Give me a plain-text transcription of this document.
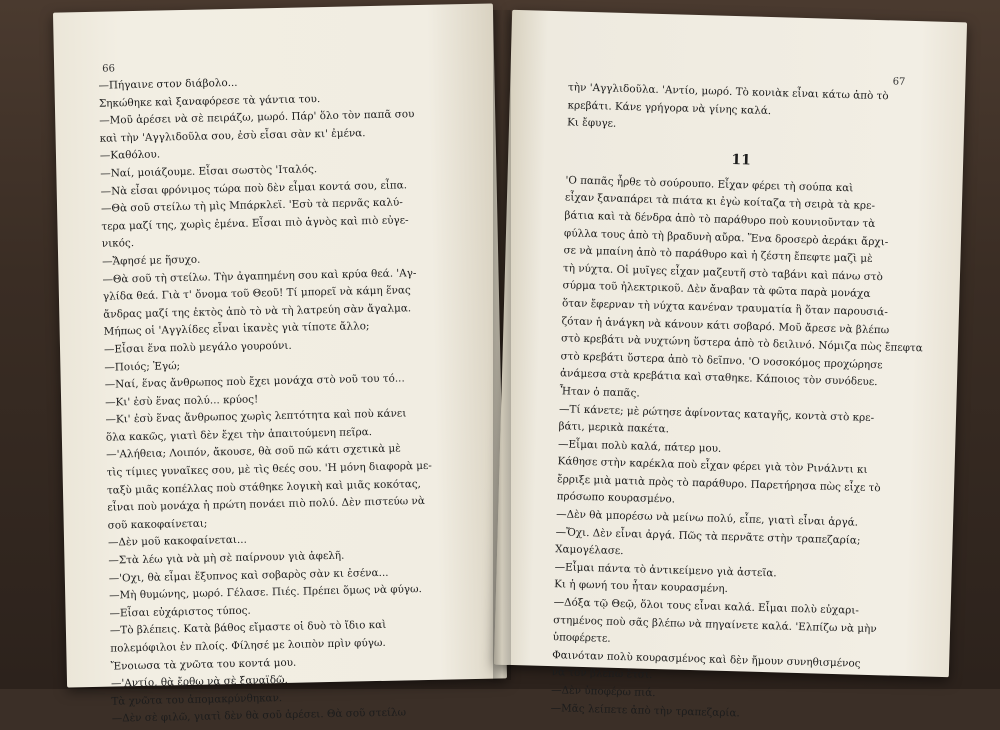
66
—Πήγαινε στον διάβολο...
Σηκώθηκε καὶ ξαναφόρεσε τὰ γάντια του.
—Μοῦ ἀρέσει νὰ σὲ πειράζω, μωρό. Πάρ' ὅλο τὸν παπᾶ σου
καὶ τὴν 'Αγγλιδοῦλα σου, ἐσὺ εἶσαι σὰν κι' ἐμένα.
—Καθόλου.
—Ναί, μοιάζουμε. Εἶσαι σωστὸς 'Ιταλός.
—Νὰ εἶσαι φρόνιμος τώρα ποὺ δὲν εἶμαι κοντά σου, εἶπα.
—Θὰ σοῦ στείλω τὴ μὶς Μπάρκλεϊ. 'Εσὺ τὰ περνᾶς καλύ-
τερα μαζί της, χωρὶς ἐμένα. Εἶσαι πιὸ ἁγνὸς καὶ πιὸ εὐγε-
νικός.
—Ἄφησέ με ἥσυχο.
—Θὰ σοῦ τὴ στείλω. Τὴν ἀγαπημένη σου καὶ κρύα θεά. 'Αγ-
γλίδα θεά. Γιὰ τ' ὄνομα τοῦ Θεοῦ! Τί μπορεῖ νὰ κάμη ἕνας
ἄνδρας μαζί της ἐκτὸς ἀπὸ τὸ νὰ τὴ λατρεύη σὰν ἄγαλμα.
Μήπως οἱ 'Αγγλίδες εἶναι ἱκανὲς γιὰ τίποτε ἄλλο;
—Εἶσαι ἕνα πολὺ μεγάλο γουρούνι.
—Ποιός; Ἐγώ;
—Ναί, ἕνας ἄνθρωπος ποὺ ἔχει μονάχα στὸ νοῦ του τό...
—Κι' ἐσὺ ἕνας πολύ... κρύος!
—Κι' ἐσὺ ἕνας ἄνθρωπος χωρὶς λεπτότητα καὶ ποὺ κάνει
ὅλα κακῶς, γιατὶ δὲν ἔχει τὴν ἀπαιτούμενη πεῖρα.
—'Αλήθεια; Λοιπόν, ἄκουσε, θὰ σοῦ πῶ κάτι σχετικὰ μὲ
τὶς τίμιες γυναῖκες σου, μὲ τὶς θεές σου. 'Η μόνη διαφορὰ με-
ταξὺ μιᾶς κοπέλλας ποὺ στάθηκε λογικὴ καὶ μιᾶς κοκότας,
εἶναι ποὺ μονάχα ἡ πρώτη πονάει πιὸ πολύ. Δὲν πιστεύω νὰ
σοῦ κακοφαίνεται;
—Δὲν μοῦ κακοφαίνεται...
—Στὰ λέω γιὰ νὰ μὴ σὲ παίρνουν γιὰ ἀφελῆ.
—'Οχι, θὰ εἶμαι ἔξυπνος καὶ σοβαρὸς σὰν κι ἐσένα...
—Μὴ θυμώνης, μωρό. Γέλασε. Πιές. Πρέπει ὅμως νὰ φύγω.
—Εἶσαι εὐχάριστος τύπος.
—Τὸ βλέπεις. Κατὰ βάθος εἴμαστε οἱ δυὸ τὸ ἴδιο καὶ
πολεμόφιλοι ἐν πλοίς. Φίλησέ με λοιπὸν πρὶν φύγω.
Ἔνοιωσα τὰ χνῶτα του κοντά μου.
—'Αντίο, θὰ ἔρθω νὰ σὲ ξαναϊδῶ.
Τὰ χνῶτα του ἀπομακρύνθηκαν.
—Δὲν σὲ φιλῶ, γιατὶ δὲν θὰ σοῦ ἀρέσει. Θὰ σοῦ στείλω
67
τὴν 'Αγγλιδοῦλα. 'Αντίο, μωρό. Τὸ κονιὰκ εἶναι κάτω ἀπὸ τὸ
κρεβάτι. Κάνε γρήγορα νὰ γίνης καλά.
Κι ἔφυγε.
11
'Ο παπᾶς ἦρθε τὸ σούρουπο. Εἶχαν φέρει τὴ σούπα καὶ
εἶχαν ξαναπάρει τὰ πιάτα κι ἐγὼ κοίταζα τὴ σειρὰ τὰ κρε-
βάτια καὶ τὰ δένδρα ἀπὸ τὸ παράθυρο ποὺ κουνιοῦνταν τὰ
φύλλα τους ἀπὸ τὴ βραδυνὴ αὔρα. Ἕνα δροσερὸ ἀεράκι ἄρχι-
σε νὰ μπαίνη ἀπὸ τὸ παράθυρο καὶ ἡ ζέστη ἔπεφτε μαζὶ μὲ
τὴ νύχτα. Οἱ μυῖγες εἶχαν μαζευτῆ στὸ ταβάνι καὶ πάνω στὸ
σύρμα τοῦ ἠλεκτρικοῦ. Δὲν ἄναβαν τὰ φῶτα παρὰ μονάχα
ὅταν ἔφερναν τὴ νύχτα κανέναν τραυματία ἢ ὅταν παρουσιά-
ζόταν ἡ ἀνάγκη νὰ κάνουν κάτι σοβαρό. Μοῦ ἄρεσε νὰ βλέπω
στὸ κρεβάτι νὰ νυχτώνη ὕστερα ἀπὸ τὸ δειλινό. Νόμιζα πὼς ἔπεφτα
στὸ κρεβάτι ὕστερα ἀπὸ τὸ δεῖπνο. 'Ο νοσοκόμος προχώρησε
ἀνάμεσα στὰ κρεβάτια καὶ σταθηκε. Κάποιος τὸν συνόδευε.
Ἦταν ὁ παπᾶς.
—Τί κάνετε; μὲ ρώτησε ἀφίνοντας καταγῆς, κοντὰ στὸ κρε-
βάτι, μερικὰ πακέτα.
—Εἶμαι πολὺ καλά, πάτερ μου.
Κάθησε στὴν καρέκλα ποὺ εἶχαν φέρει γιὰ τὸν Ρινάλντι κι
ἔρριξε μιὰ ματιὰ πρὸς τὸ παράθυρο. Παρετήρησα πὼς εἶχε τὸ
πρόσωπο κουρασμένο.
—Δὲν θὰ μπορέσω νὰ μείνω πολύ, εἶπε, γιατὶ εἶναι ἀργά.
—Ὄχι. Δὲν εἶναι ἀργά. Πῶς τὰ περνᾶτε στὴν τραπεζαρία;
Χαμογέλασε.
—Εἶμαι πάντα τὸ ἀντικείμενο γιὰ ἀστεῖα.
Κι ἡ φωνή του ἦταν κουρασμένη.
—Δόξα τῷ Θεῷ, ὅλοι τους εἶναι καλά. Εἶμαι πολὺ εὐχαρι-
στημένος ποὺ σᾶς βλέπω νὰ πηγαίνετε καλά. 'Ελπίζω νὰ μὴν
ὑποφέρετε.
Φαινόταν πολὺ κουρασμένος καὶ δὲν ἤμουν συνηθισμένος
νὰ τὸν βλέπω ἔτσι.
—Δὲν ὑποφέρω πιά.
—Μᾶς λείπετε ἀπὸ τὴν τραπεζαρία.
